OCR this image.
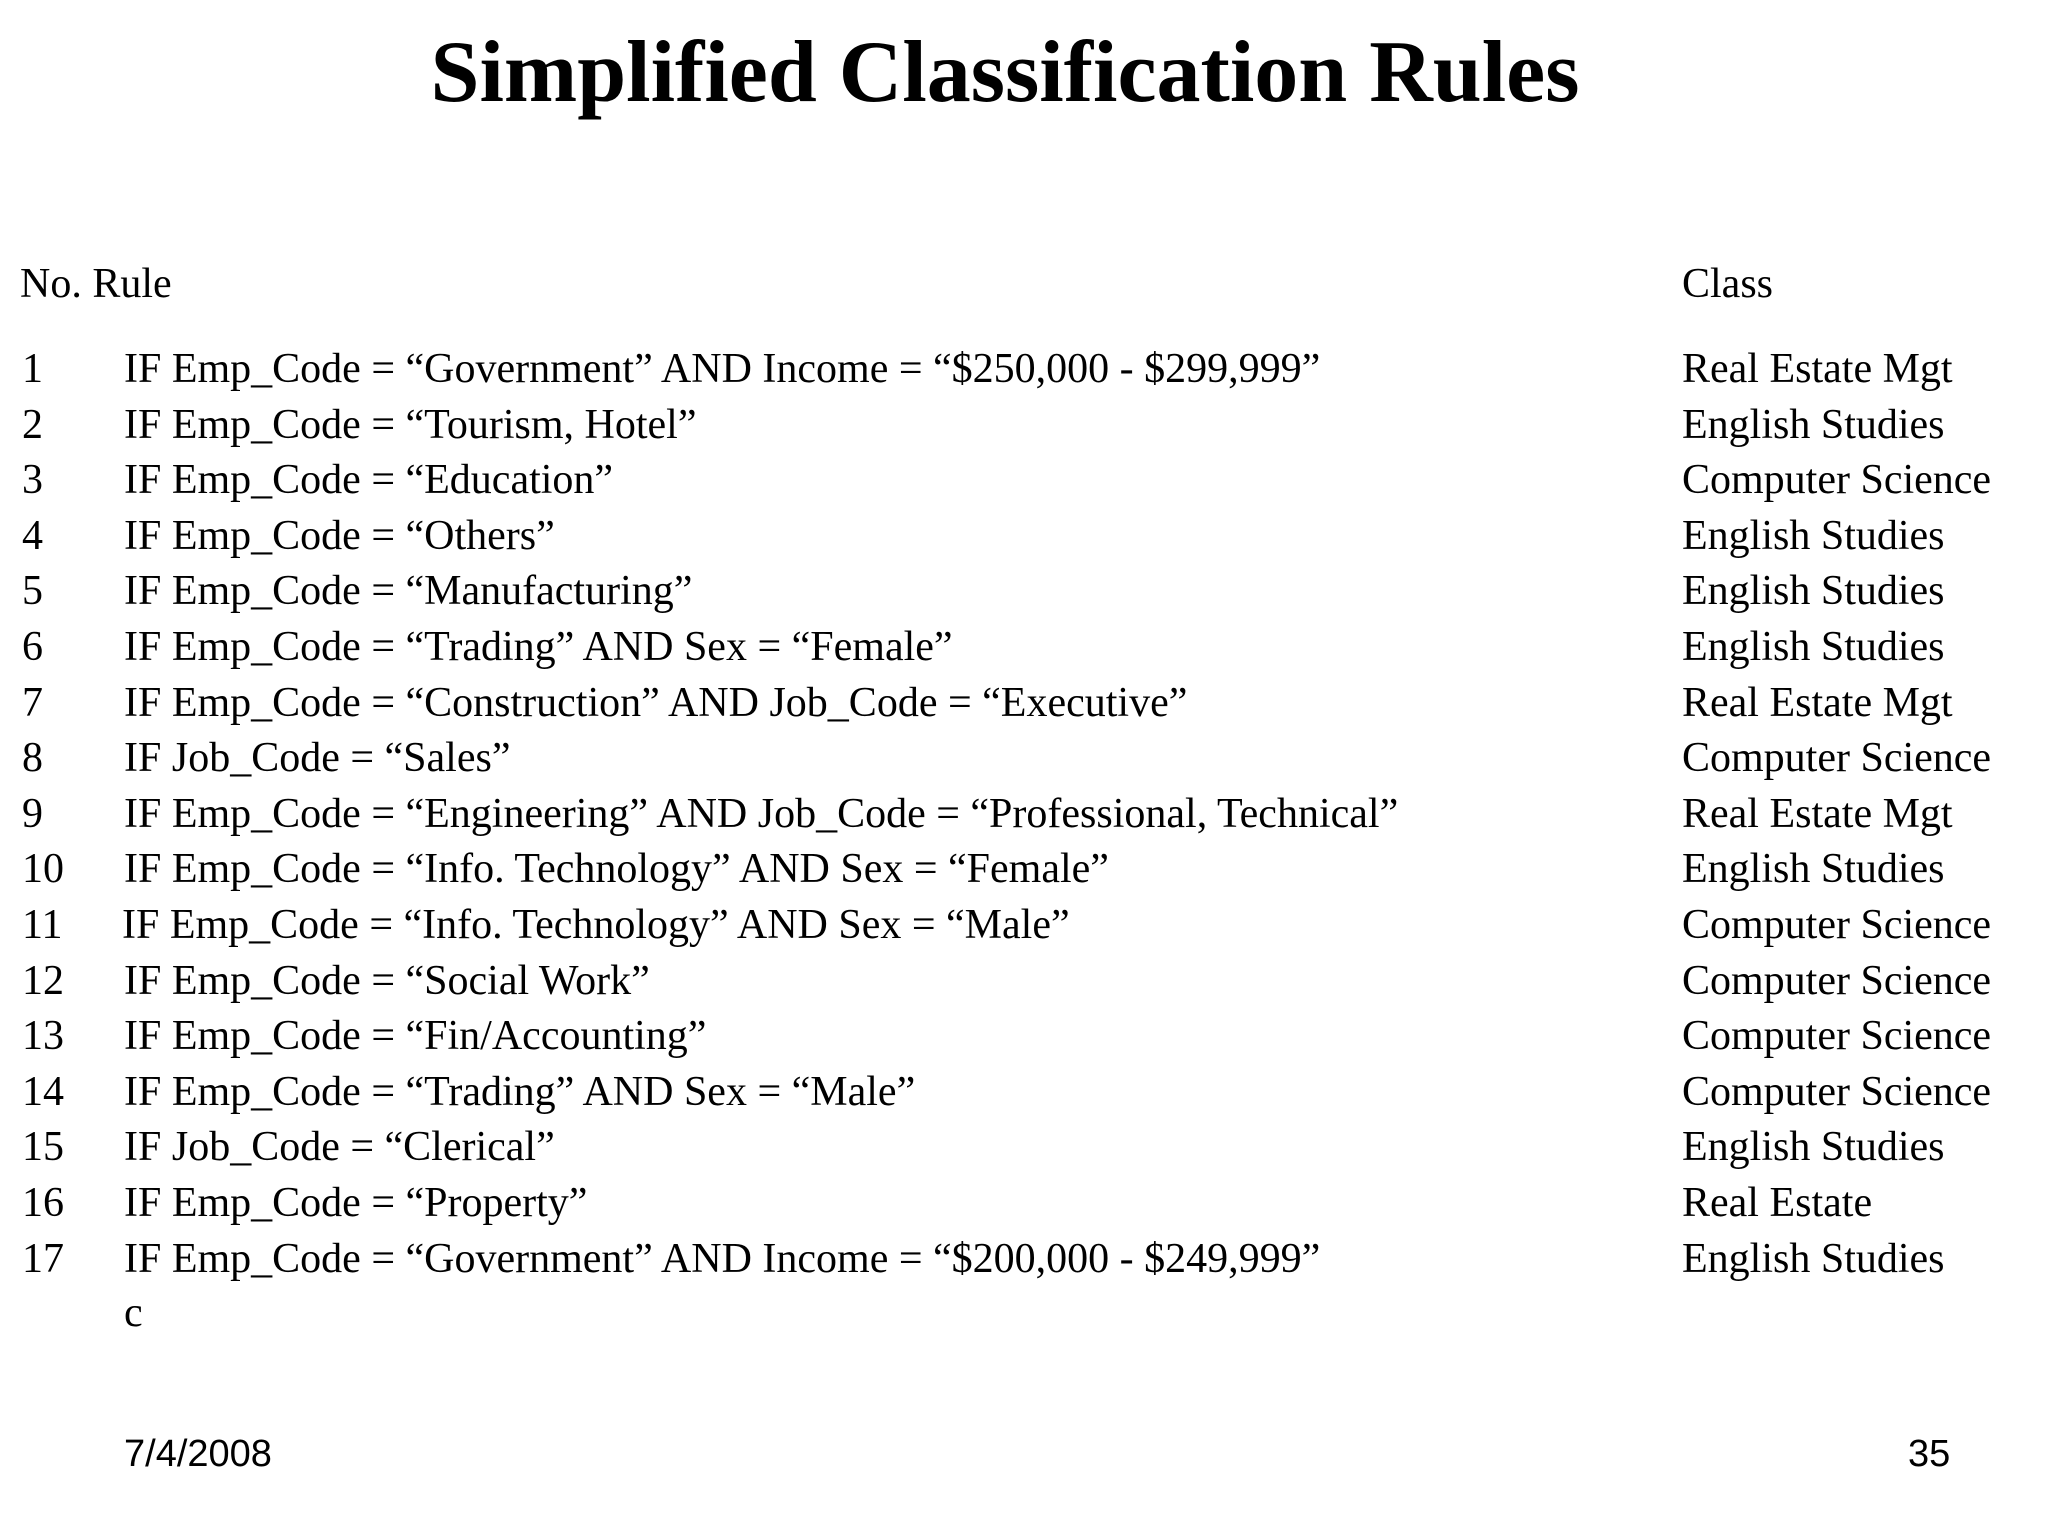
Simplified Classification Rules
No. Rule	Class
1 IF Emp_Code = “Government” AND Income = “$250,000 - $299,999”	Real Estate Mgt
2 IF Emp_Code = “Tourism, Hotel”	English Studies
3 IF Emp_Code = “Education”	Computer Science
4 IF Emp_Code = “Others”	English Studies
5 IF Emp_Code = “Manufacturing”	English Studies
6 IF Emp_Code = “Trading” AND Sex = “Female”	English Studies
7 IF Emp_Code = “Construction” AND Job_Code = “Executive”	Real Estate Mgt
8 IF Job_Code = “Sales”	Computer Science
9 IF Emp_Code = “Engineering” AND Job_Code = “Professional, Technical”	Real Estate Mgt
10 IF Emp_Code = “Info. Technology” AND Sex = “Female”	English Studies
11 IF Emp_Code = “Info. Technology” AND Sex = “Male”	Computer Science
12 IF Emp_Code = “Social Work”	Computer Science
13 IF Emp_Code = “Fin/Accounting”	Computer Science
14 IF Emp_Code = “Trading” AND Sex = “Male”	Computer Science
15 IF Job_Code = “Clerical”	English Studies
16 IF Emp_Code = “Property”	Real Estate
17 IF Emp_Code = “Government” AND Income = “$200,000 - $249,999”	English Studies
c
7/4/2008	35
